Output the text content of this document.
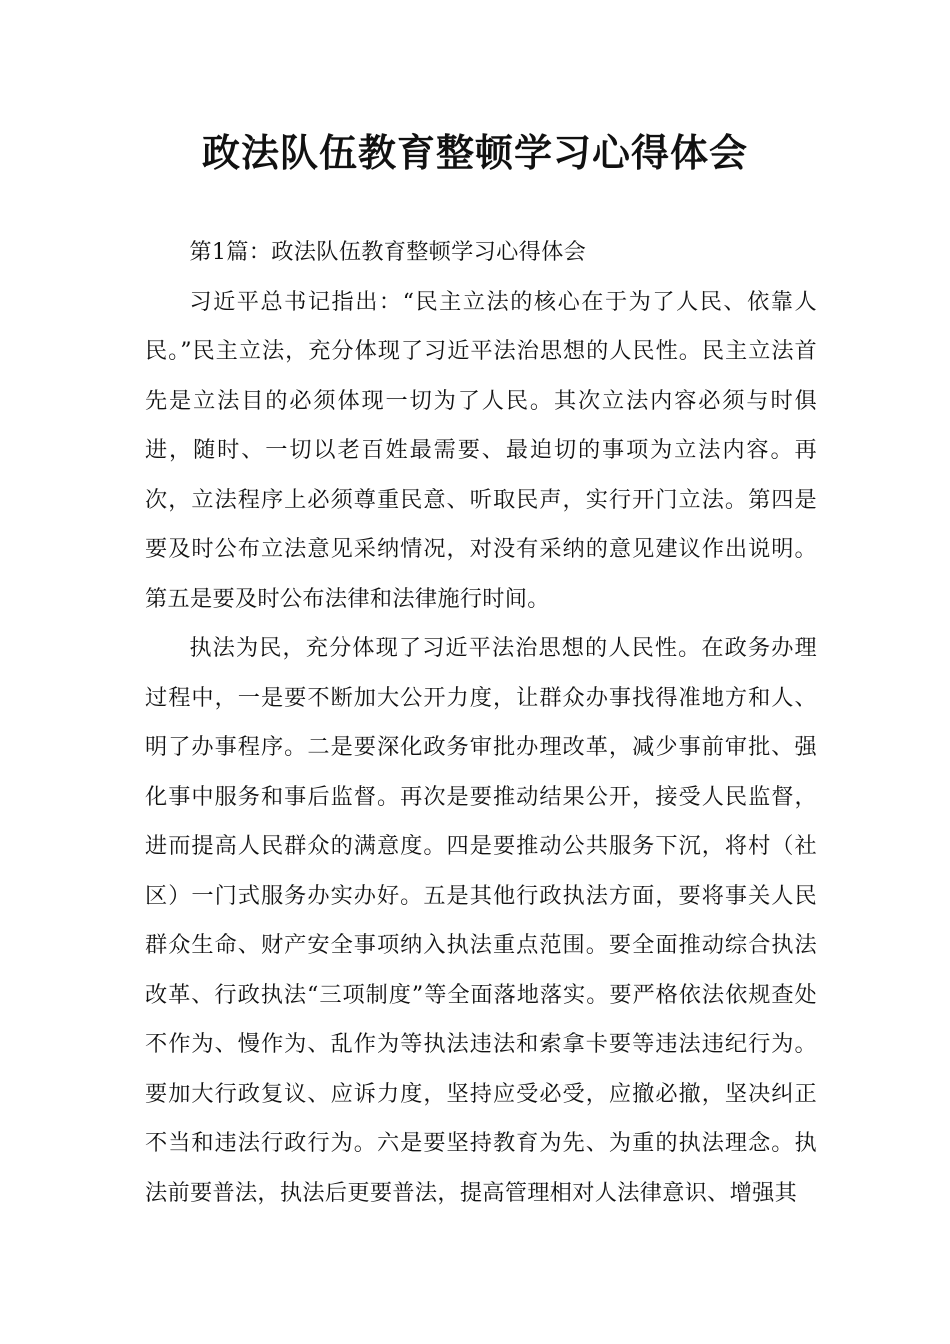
政法队伍教育整顿学习心得体会

第1篇：政法队伍教育整顿学习心得体会

习近平总书记指出：“民主立法的核心在于为了人民、依靠人民。”民主立法，充分体现了习近平法治思想的人民性。民主立法首先是立法目的必须体现一切为了人民。其次立法内容必须与时俱进，随时、一切以老百姓最需要、最迫切的事项为立法内容。再次，立法程序上必须尊重民意、听取民声，实行开门立法。第四是要及时公布立法意见采纳情况，对没有采纳的意见建议作出说明。第五是要及时公布法律和法律施行时间。

执法为民，充分体现了习近平法治思想的人民性。在政务办理过程中，一是要不断加大公开力度，让群众办事找得准地方和人、明了办事程序。二是要深化政务审批办理改革，减少事前审批、强化事中服务和事后监督。再次是要推动结果公开，接受人民监督，进而提高人民群众的满意度。四是要推动公共服务下沉，将村（社区）一门式服务办实办好。五是其他行政执法方面，要将事关人民群众生命、财产安全事项纳入执法重点范围。要全面推动综合执法改革、行政执法“三项制度”等全面落地落实。要严格依法依规查处不作为、慢作为、乱作为等执法违法和索拿卡要等违法违纪行为。要加大行政复议、应诉力度，坚持应受必受，应撤必撤，坚决纠正不当和违法行政行为。六是要坚持教育为先、为重的执法理念。执法前要普法，执法后更要普法，提高管理相对人法律意识、增强其
